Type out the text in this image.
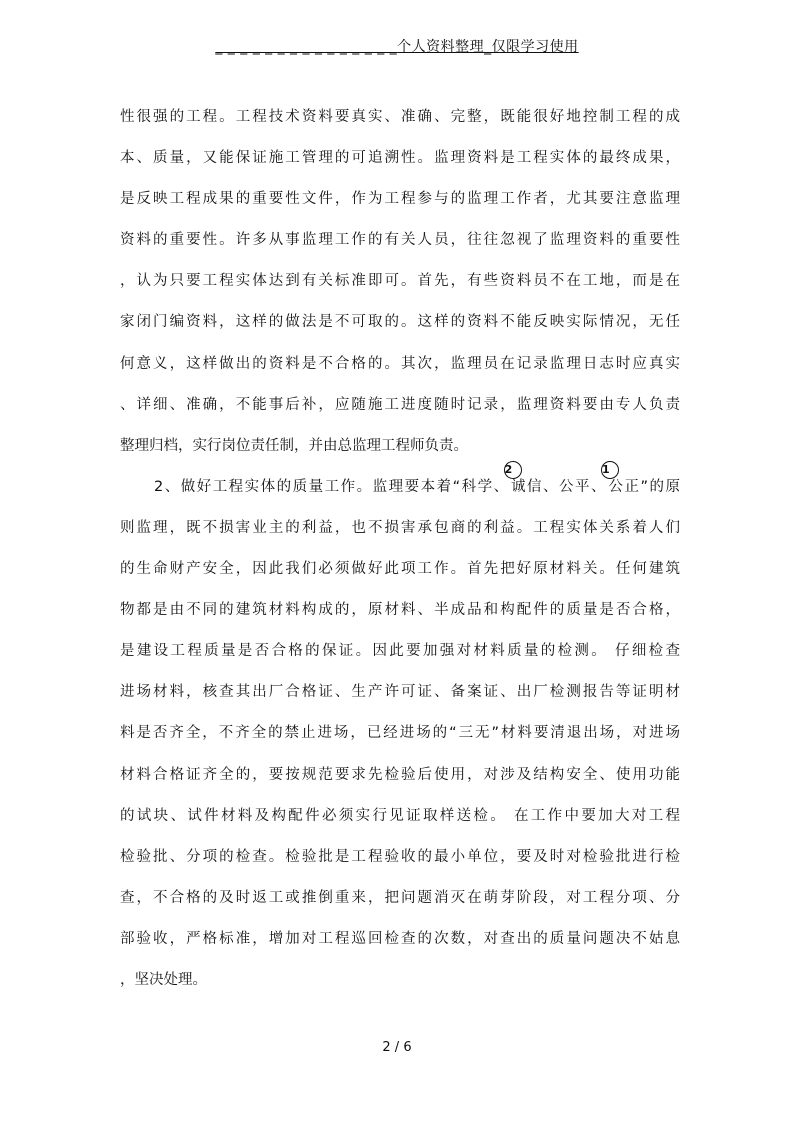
_ _ _ _ _ _ _ _ _ _ _ _ _ _ _个人资料整理_仅限学习使用
性很强的工程。工程技术资料要真实、准确、完整，既能很好地控制工程的成
本、质量，又能保证施工管理的可追溯性。监理资料是工程实体的最终成果，
是反映工程成果的重要性文件，作为工程参与的监理工作者，尤其要注意监理
资料的重要性。许多从事监理工作的有关人员，往往忽视了监理资料的重要性
，认为只要工程实体达到有关标准即可。首先，有些资料员不在工地，而是在
家闭门编资料，这样的做法是不可取的。这样的资料不能反映实际情况，无任
何意义，这样做出的资料是不合格的。其次，监理员在记录监理日志时应真实
、详细、准确，不能事后补，应随施工进度随时记录，监理资料要由专人负责
整理归档，实行岗位责任制，并由总监理工程师负责。
2、做好工程实体的质量工作。监理要本着“科学、
2
诚信、公平、
1
公正”的原
则监理，既不损害业主的利益，也不损害承包商的利益。工程实体关系着人们
的生命财产安全，因此我们必须做好此项工作。首先把好原材料关。任何建筑
物都是由不同的建筑材料构成的，原材料、半成品和构配件的质量是否合格，
是建设工程质量是否合格的保证。因此要加强对材料质量的检测。 仔细检查
进场材料，核查其出厂合格证、生产许可证、备案证、出厂检测报告等证明材
料是否齐全，不齐全的禁止进场，已经进场的“三无”材料要清退出场，对进场
材料合格证齐全的，要按规范要求先检验后使用，对涉及结构安全、使用功能
的试块、试件材料及构配件必须实行见证取样送检。 在工作中要加大对工程
检验批、分项的检查。检验批是工程验收的最小单位，要及时对检验批进行检
查，不合格的及时返工或推倒重来，把问题消灭在萌芽阶段，对工程分项、分
部验收，严格标准，增加对工程巡回检查的次数，对查出的质量问题决不姑息
，坚决处理。
2 / 6
